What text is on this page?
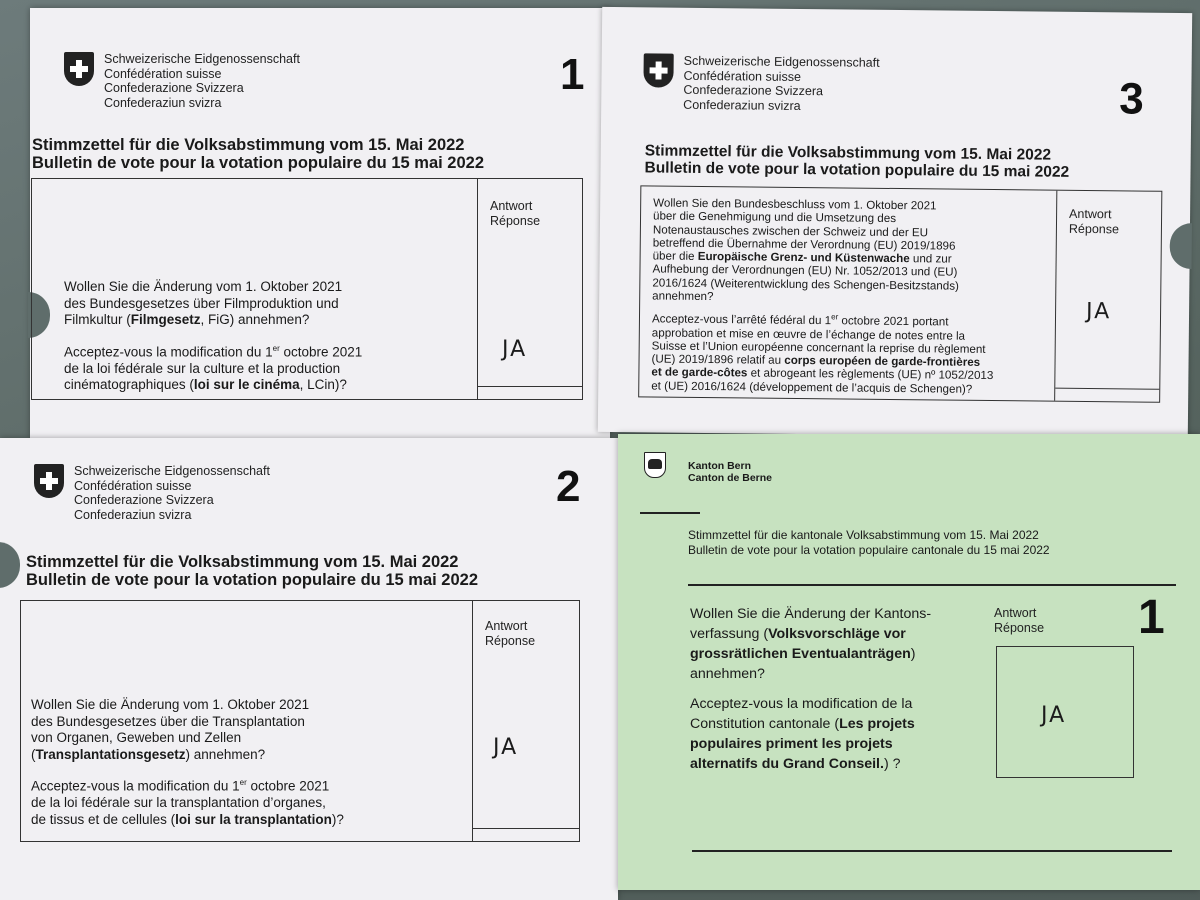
Schweizerische Eidgenossenschaft
Confédération suisse
Confederazione Svizzera
Confederaziun svizra
1
Stimmzettel für die Volksabstimmung vom 15. Mai 2022
Bulletin de vote pour la votation populaire du 15 mai 2022
Antwort
Réponse
JA

Wollen Sie die Änderung vom 1. Oktober 2021

des Bundesgesetzes über Filmproduktion und

Filmkultur (Filmgesetz, FiG) annehmen?

Acceptez-vous la modification du 1er octobre 2021

de la loi fédérale sur la culture et la production

cinématographiques (loi sur le cinéma, LCin)?

Schweizerische Eidgenossenschaft
Confédération suisse
Confederazione Svizzera
Confederaziun svizra	3
Stimmzettel für die Volksabstimmung vom 15. Mai 2022
Bulletin de vote pour la votation populaire du 15 mai 2022
Antwort
Réponse
JA

Wollen Sie den Bundesbeschluss vom 1. Oktober 2021

über die Genehmigung und die Umsetzung des

Notenaustausches zwischen der Schweiz und der EU

betreffend die Übernahme der Verordnung (EU) 2019/1896

über die Europäische Grenz- und Küstenwache und zur

Aufhebung der Verordnungen (EU) Nr. 1052/2013 und (EU)

2016/1624 (Weiterentwicklung des Schengen-Besitzstands)

annehmen?

Acceptez-vous l’arrêté fédéral du 1er octobre 2021 portant

approbation et mise en œuvre de l’échange de notes entre la

Suisse et l’Union européenne concernant la reprise du règlement

(UE) 2019/1896 relatif au corps européen de garde-frontières

et de garde-côtes et abrogeant les règlements (UE) nº 1052/2013

et (UE) 2016/1624 (développement de l’acquis de Schengen)?

Schweizerische Eidgenossenschaft
Confédération suisse
Confederazione Svizzera
Confederaziun svizra
2
Stimmzettel für die Volksabstimmung vom 15. Mai 2022
Bulletin de vote pour la votation populaire du 15 mai 2022
Antwort
Réponse
JA

Wollen Sie die Änderung vom 1. Oktober 2021

des Bundesgesetzes über die Transplantation

von Organen, Geweben und Zellen

(Transplantationsgesetz) annehmen?

Acceptez-vous la modification du 1er octobre 2021

de la loi fédérale sur la transplantation d’organes,

de tissus et de cellules (loi sur la transplantation)?

Kanton Bern
Canton de Berne
Stimmzettel für die kantonale Volksabstimmung vom 15. Mai 2022
Bulletin de vote pour la votation populaire cantonale du 15 mai 2022
1

Wollen Sie die Änderung der Kantons-

verfassung (Volksvorschläge vor

grossrätlichen Eventualanträgen)

annehmen?

Acceptez-vous la modification de la

Constitution cantonale (Les projets

populaires priment les projets

alternatifs du Grand Conseil.) ?

Antwort
Réponse
JA
